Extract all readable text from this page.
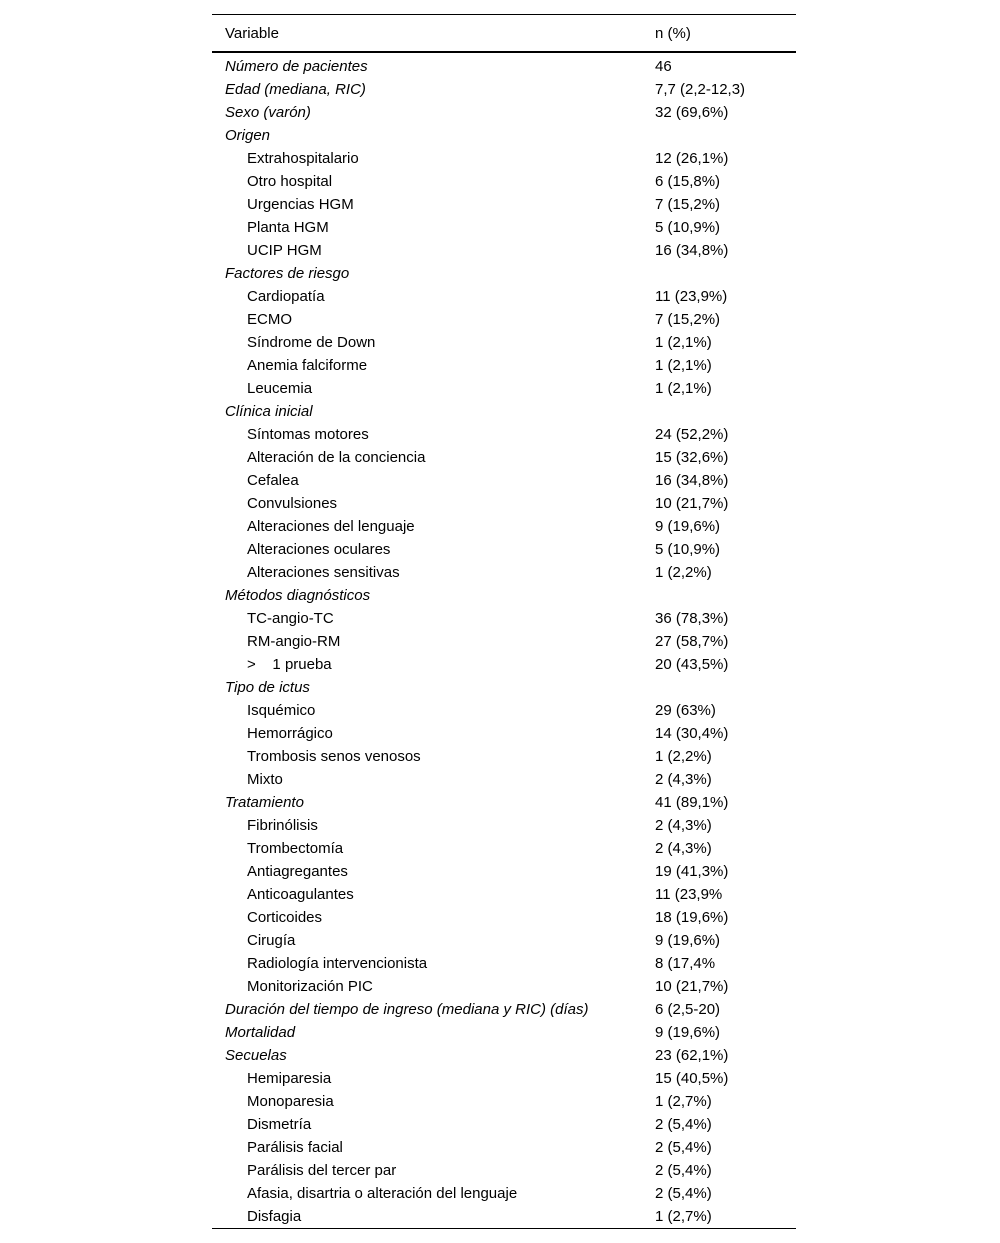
Variable	n (%)
Número de pacientes	46
Edad (mediana, RIC)	7,7 (2,2-12,3)
Sexo (varón)	32 (69,6%)
Origen
Extrahospitalario	12 (26,1%)
Otro hospital	6 (15,8%)
Urgencias HGM	7 (15,2%)
Planta HGM	5 (10,9%)
UCIP HGM	16 (34,8%)
Factores de riesgo
Cardiopatía	11 (23,9%)
ECMO	7 (15,2%)
Síndrome de Down	1 (2,1%)
Anemia falciforme	1 (2,1%)
Leucemia	1 (2,1%)
Clínica inicial
Síntomas motores	24 (52,2%)
Alteración de la conciencia	15 (32,6%)
Cefalea	16 (34,8%)
Convulsiones	10 (21,7%)
Alteraciones del lenguaje	9 (19,6%)
Alteraciones oculares	5 (10,9%)
Alteraciones sensitivas	1 (2,2%)
Métodos diagnósticos
TC-angio-TC	36 (78,3%)
RM-angio-RM	27 (58,7%)
>    1 prueba	20 (43,5%)
Tipo de ictus
Isquémico	29 (63%)
Hemorrágico	14 (30,4%)
Trombosis senos venosos	1 (2,2%)
Mixto	2 (4,3%)
Tratamiento	41 (89,1%)
Fibrinólisis	2 (4,3%)
Trombectomía	2 (4,3%)
Antiagregantes	19 (41,3%)
Anticoagulantes	11 (23,9%
Corticoides	18 (19,6%)
Cirugía	9 (19,6%)
Radiología intervencionista	8 (17,4%
Monitorización PIC	10 (21,7%)
Duración del tiempo de ingreso (mediana y RIC) (días)	6 (2,5-20)
Mortalidad	9 (19,6%)
Secuelas	23 (62,1%)
Hemiparesia	15 (40,5%)
Monoparesia	1 (2,7%)
Dismetría	2 (5,4%)
Parálisis facial	2 (5,4%)
Parálisis del tercer par	2 (5,4%)
Afasia, disartria o alteración del lenguaje	2 (5,4%)
Disfagia	1 (2,7%)
